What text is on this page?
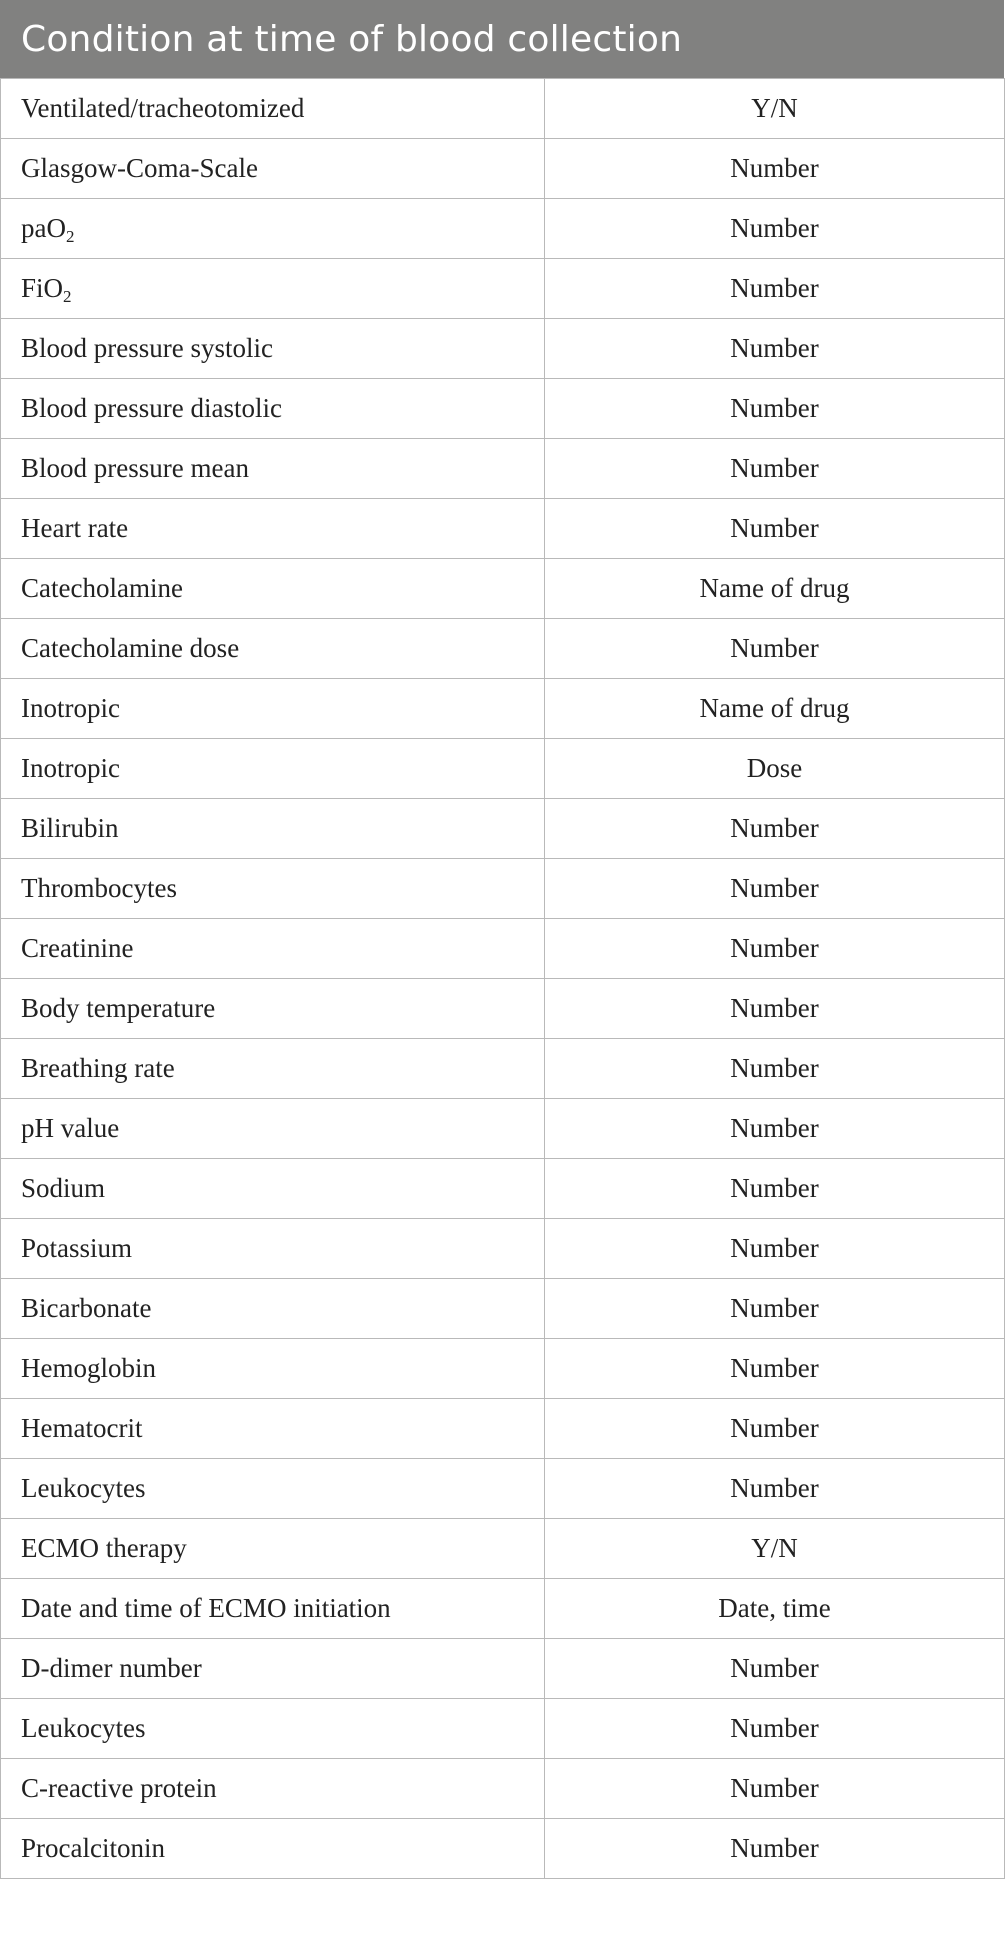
Condition at time of blood collection
Ventilated/tracheotomized	Y/N
Glasgow-Coma-Scale	Number
paO$_2$	Number
FiO$_2$	Number
Blood pressure systolic	Number
Blood pressure diastolic	Number
Blood pressure mean	Number
Heart rate	Number
Catecholamine	Name of drug
Catecholamine dose	Number
Inotropic	Name of drug
Inotropic	Dose
Bilirubin	Number
Thrombocytes	Number
Creatinine	Number
Body temperature	Number
Breathing rate	Number
pH value	Number
Sodium	Number
Potassium	Number
Bicarbonate	Number
Hemoglobin	Number
Hematocrit	Number
Leukocytes	Number
ECMO therapy	Y/N
Date and time of ECMO initiation	Date, time
D-dimer number	Number
Leukocytes	Number
C-reactive protein	Number
Procalcitonin	Number
